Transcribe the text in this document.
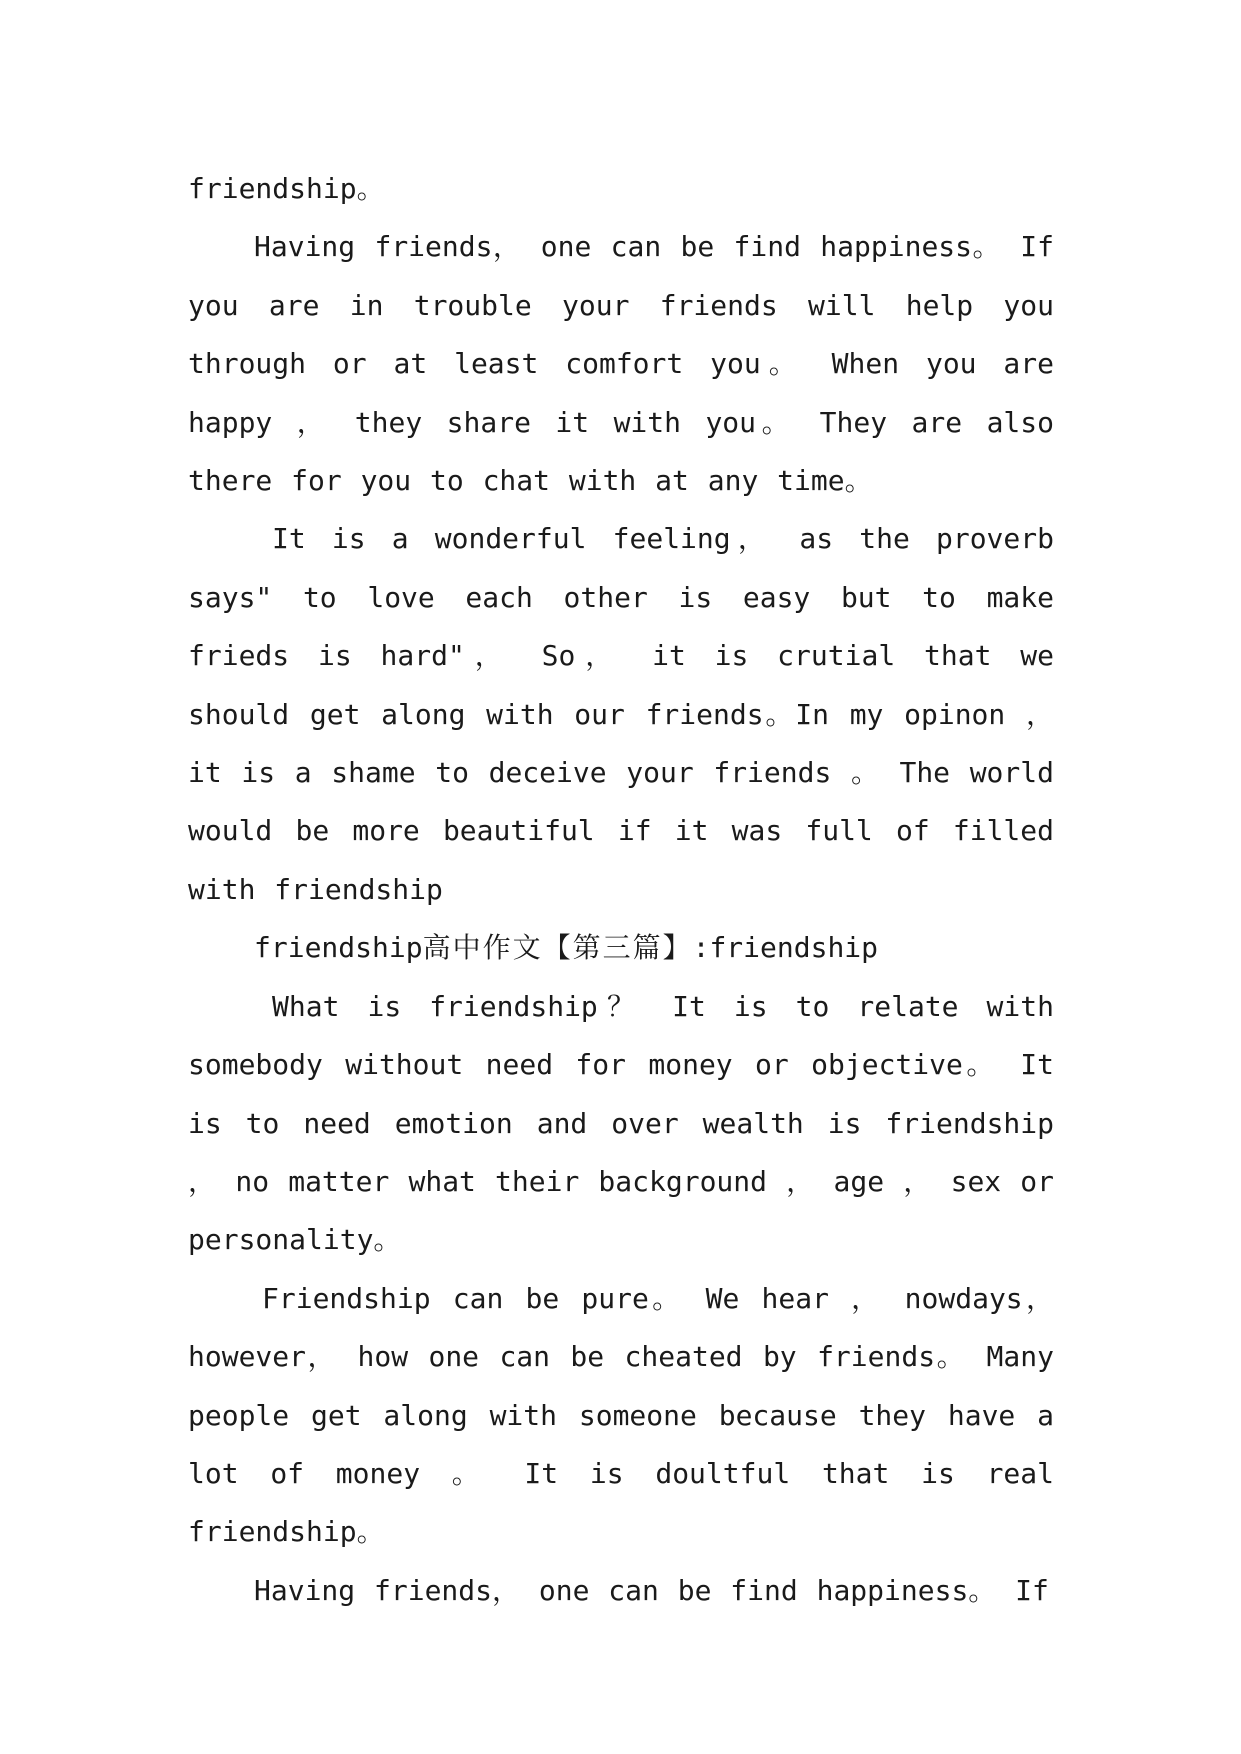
friendship。

Having friends， one can be find happiness。 If you are in trouble your friends will help you through or at least comfort you。 When you are happy ， they share it with you。 They are also there for you to chat with at any time。

It is a wonderful feeling， as the proverb says" to love each other is easy but to make frieds is hard"， So， it is crutial that we should get along with our friends。In my opinon ，it is a shame to deceive your friends 。 The world would be more beautiful if it was full of filled with friendship

friendship高中作文【第三篇】:friendship

What is friendship？ It is to relate with somebody without need for money or objective。 It is to need emotion and over wealth is friendship ， no matter what their background ， age ， sex or personality。

Friendship can be pure。 We hear ， nowdays， however， how one can be cheated by friends。 Many people get along with someone because they have a lot of money 。 It is doultful that is real friendship。

Having friends， one can be find happiness。 If
